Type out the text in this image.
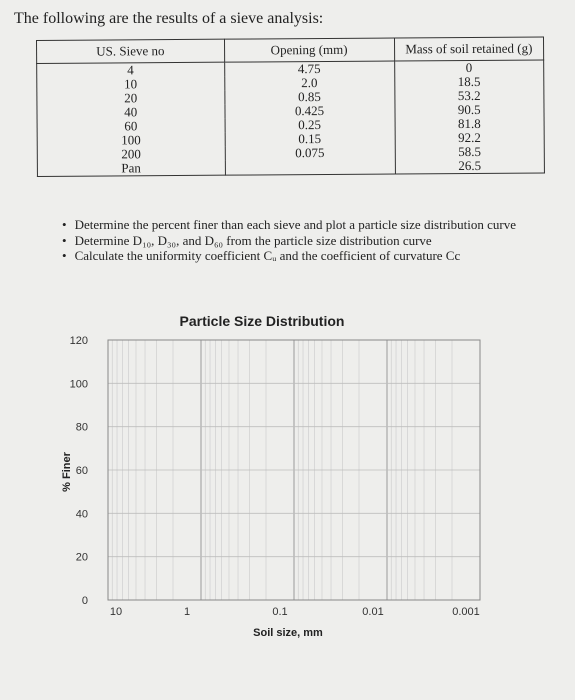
The following are the results of a sieve analysis:
US. Sieve no	Opening (mm)	Mass of soil retained (g)
4	4.75	0
10	2.0	18.5
20	0.85	53.2
40	0.425	90.5
60	0.25	81.8
100	0.15	92.2
200	0.075	58.5
Pan		26.5
• Determine the percent finer than each sieve and plot a particle size distribution curve
• Determine D₁₀, D₃₀, and D₆₀ from the particle size distribution curve
• Calculate the uniformity coefficient Cᵤ and the coefficient of curvature Cc
Particle Size Distribution
% Finer
Soil size, mm
0
20
40
60
80
100
120
10	1	0.1	0.01	0.001
